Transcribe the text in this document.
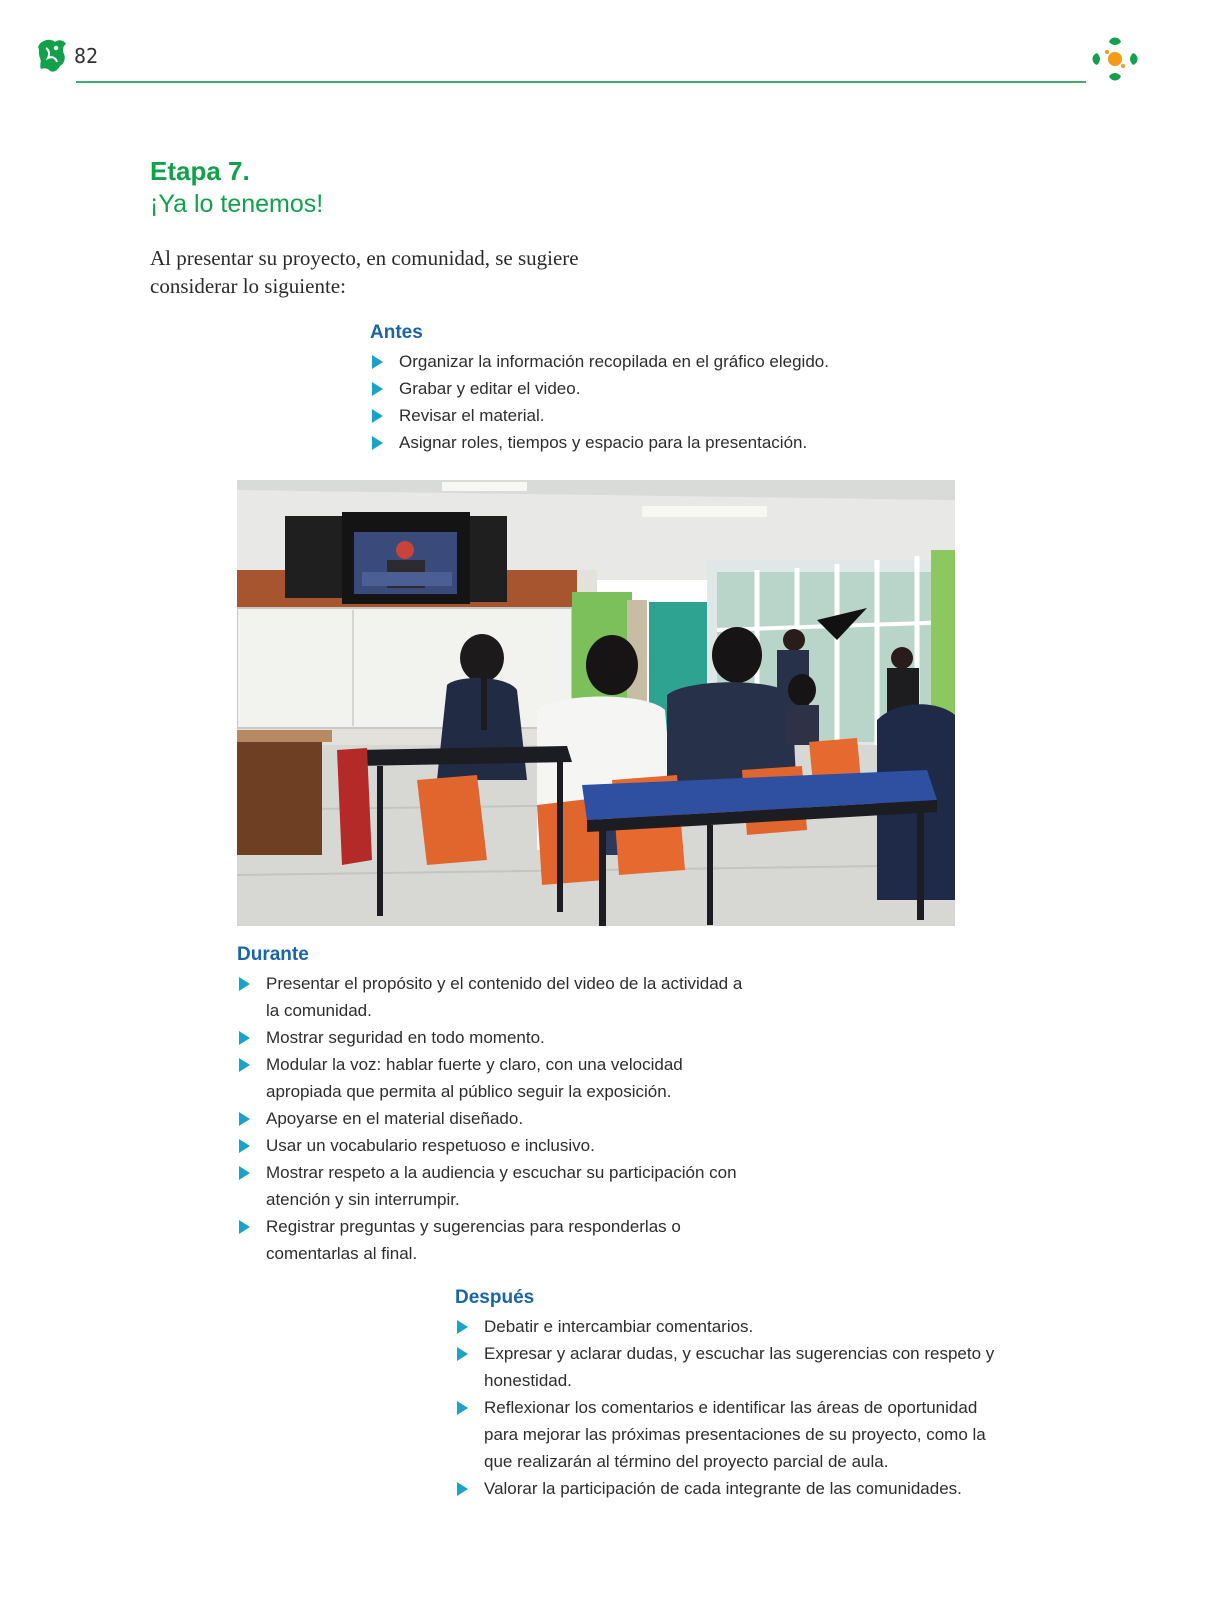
82
Etapa 7.
¡Ya lo tenemos!
Al presentar su proyecto, en comunidad, se sugiere considerar lo siguiente:
Antes
Organizar la información recopilada en el gráfico elegido.
Grabar y editar el video.
Revisar el material.
Asignar roles, tiempos y espacio para la presentación.
Durante
Presentar el propósito y el contenido del video de la actividad a la comunidad.
Mostrar seguridad en todo momento.
Modular la voz: hablar fuerte y claro, con una velocidad apropiada que permita al público seguir la exposición.
Apoyarse en el material diseñado.
Usar un vocabulario respetuoso e inclusivo.
Mostrar respeto a la audiencia y escuchar su participación con atención y sin interrumpir.
Registrar preguntas y sugerencias para responderlas o comentarlas al final.
Después
Debatir e intercambiar comentarios.
Expresar y aclarar dudas, y escuchar las sugerencias con respeto y honestidad.
Reflexionar los comentarios e identificar las áreas de oportunidad para mejorar las próximas presentaciones de su proyecto, como la que realizarán al término del proyecto parcial de aula.
Valorar la participación de cada integrante de las comunidades.
